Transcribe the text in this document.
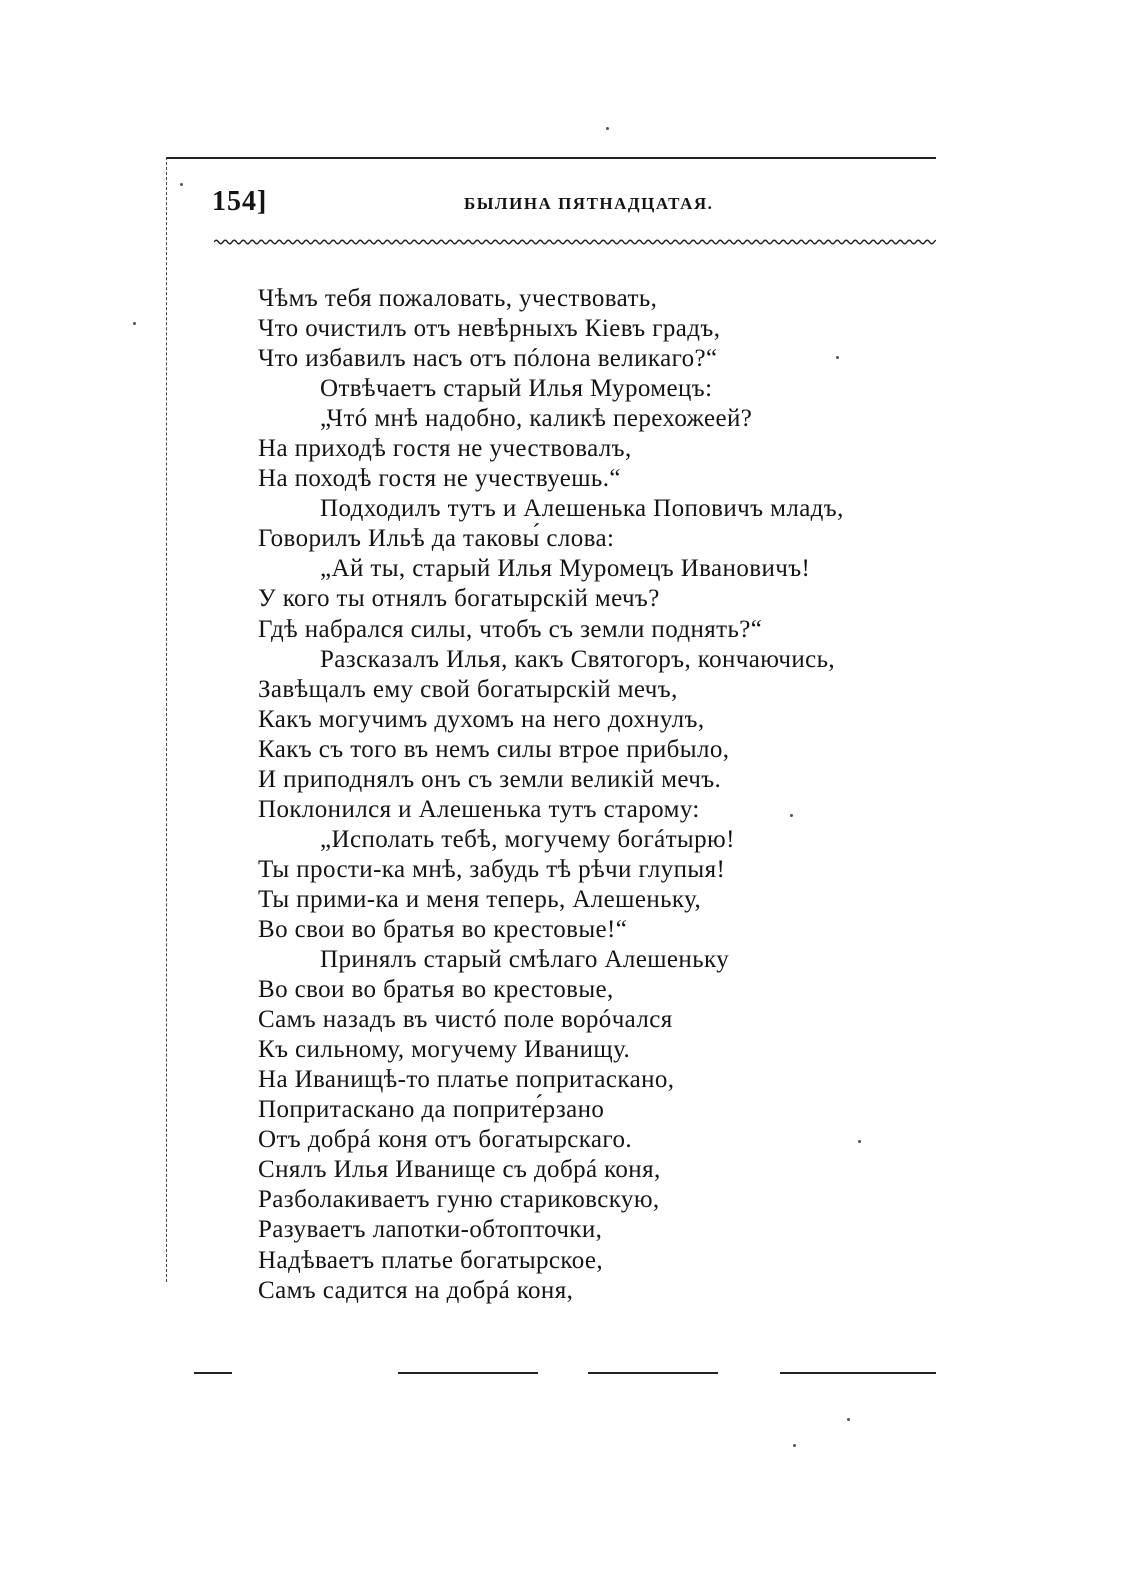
154]	БЫЛИНА ПЯТНАДЦАТАЯ.
Чѣмъ тебя пожаловать, учествовать,
Что очистилъ отъ невѣрныхъ Кіевъ градъ,
Что избавилъ насъ отъ пóлона великаго?“
Отвѣчаетъ старый Илья Муромецъ:
„Чтó мнѣ надобно, каликѣ перехожеей?
На приходѣ гостя не учествовалъ,
На походѣ гостя не учествуешь.“
Подходилъ тутъ и Алешенька Поповичъ младъ,
Говорилъ Ильѣ да таковы́ слова:
„Ай ты, старый Илья Муромецъ Ивановичъ!
У кого ты отнялъ богатырскій мечъ?
Гдѣ набрался силы, чтобъ съ земли поднять?“
Разсказалъ Илья, какъ Святогоръ, кончаючись,
Завѣщалъ ему свой богатырскій мечъ,
Какъ могучимъ духомъ на него дохнулъ,
Какъ съ того въ немъ силы втрое прибыло,
И приподнялъ онъ съ земли великій мечъ.
Поклонился и Алешенька тутъ старому:
„Исполать тебѣ, могучему богáтырю!
Ты прости-ка мнѣ, забудь тѣ рѣчи глупыя!
Ты прими-ка и меня теперь, Алешеньку,
Во свои во братья во крестовые!“
Принялъ старый смѣлаго Алешеньку
Во свои во братья во крестовые,
Самъ назадъ въ чистó поле ворóчался
Къ сильному, могучему Иванищу.
На Иванищѣ-то платье попритаскано,
Попритаскано да поприте́рзано
Отъ добрá коня отъ богатырскаго.
Снялъ Илья Иванище съ добрá коня,
Разболакиваетъ гуню стариковскую,
Разуваетъ лапотки-обтопточки,
Надѣваетъ платье богатырское,
Самъ садится на добрá коня,
